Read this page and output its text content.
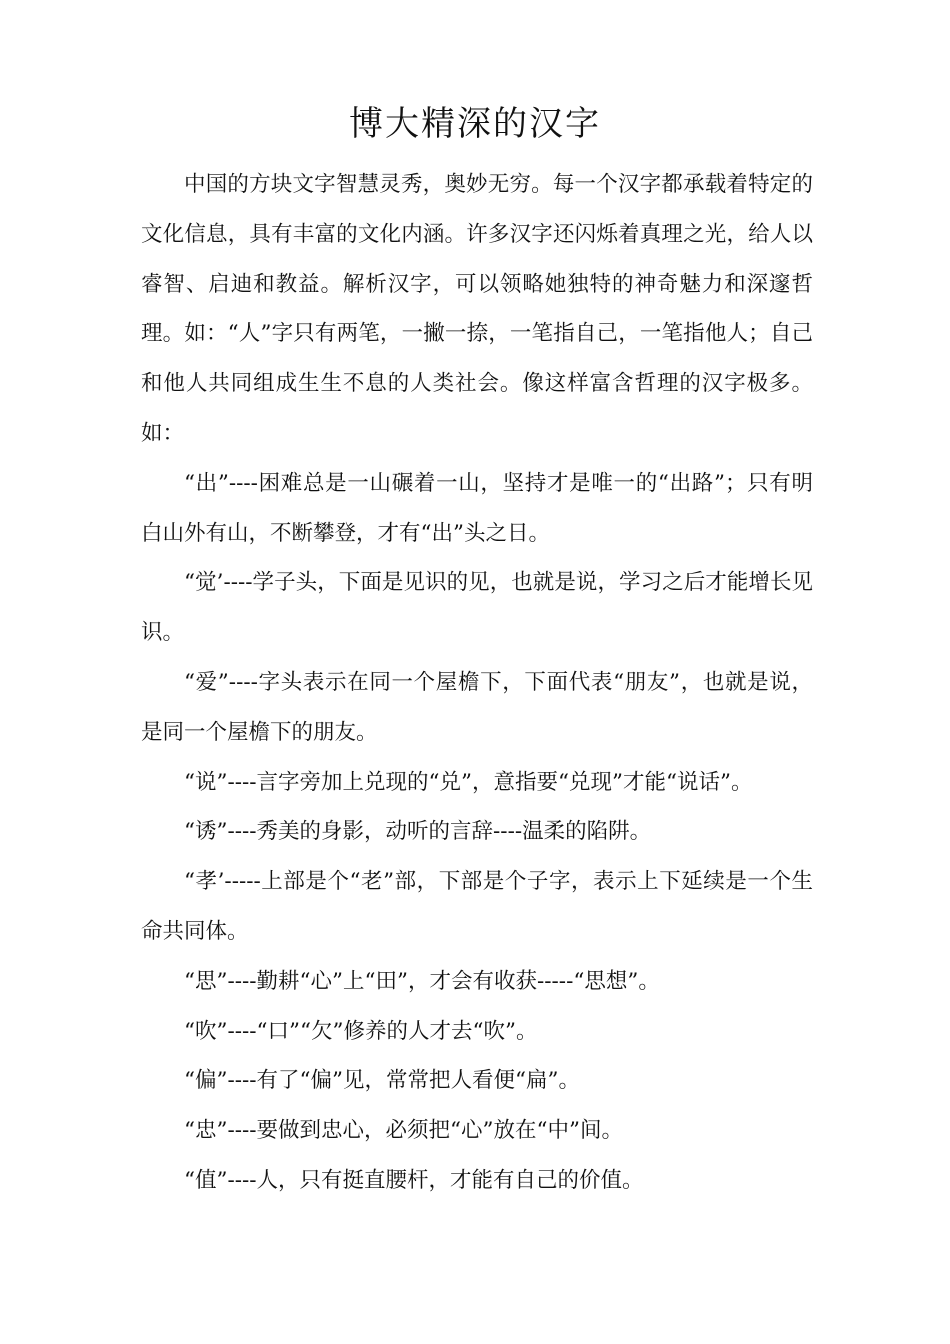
博大精深的汉字

中国的方块文字智慧灵秀，奥妙无穷。每一个汉字都承载着特定的文化信息，具有丰富的文化内涵。许多汉字还闪烁着真理之光，给人以睿智、启迪和教益。解析汉字，可以领略她独特的神奇魅力和深邃哲理。如：“人”字只有两笔，一撇一捺，一笔指自己，一笔指他人；自己和他人共同组成生生不息的人类社会。像这样富含哲理的汉字极多。如：

“出”----困难总是一山碾着一山，坚持才是唯一的“出路”；只有明白山外有山，不断攀登，才有“出”头之日。

“觉’----学子头，下面是见识的见，也就是说，学习之后才能增长见识。

“爱”----字头表示在同一个屋檐下，下面代表“朋友”，也就是说，是同一个屋檐下的朋友。

“说”----言字旁加上兑现的“兑”，意指要“兑现”才能“说话”。

“诱”----秀美的身影，动听的言辞----温柔的陷阱。

“孝’-----上部是个“老”部，下部是个子字，表示上下延续是一个生命共同体。

“思”----勤耕“心”上“田”，才会有收获-----“思想”。

“吹”----“口”“欠”修养的人才去“吹”。

“偏”----有了“偏”见，常常把人看便“扁”。

“忠”----要做到忠心，必须把“心”放在“中”间。

“值”----人，只有挺直腰杆，才能有自己的价值。
